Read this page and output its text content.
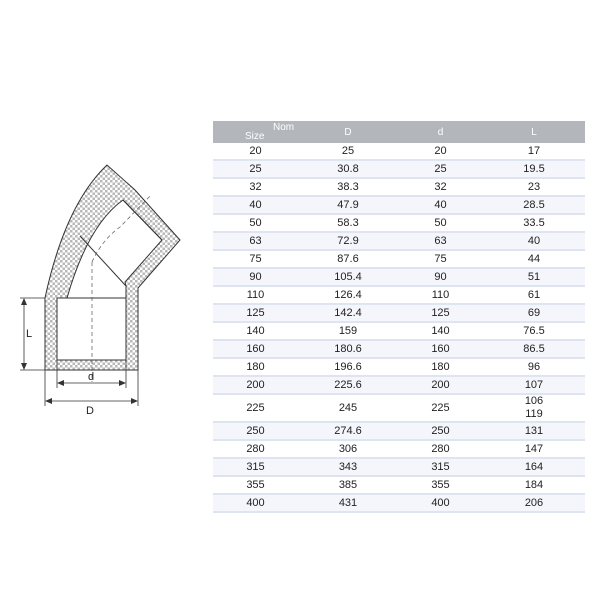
L
d
D
Nom
Size	D	d	L
20	25	20	17
25	30.8	25	19.5
32	38.3	32	23
40	47.9	40	28.5
50	58.3	50	33.5
63	72.9	63	40
75	87.6	75	44
90	105.4	90	51
110	126.4	110	61
125	142.4	125	69
140	159	140	76.5
160	180.6	160	86.5
180	196.6	180	96
200	225.6	200	107
225	245	225	106
119
250	274.6	250	131
280	306	280	147
315	343	315	164
355	385	355	184
400	431	400	206
